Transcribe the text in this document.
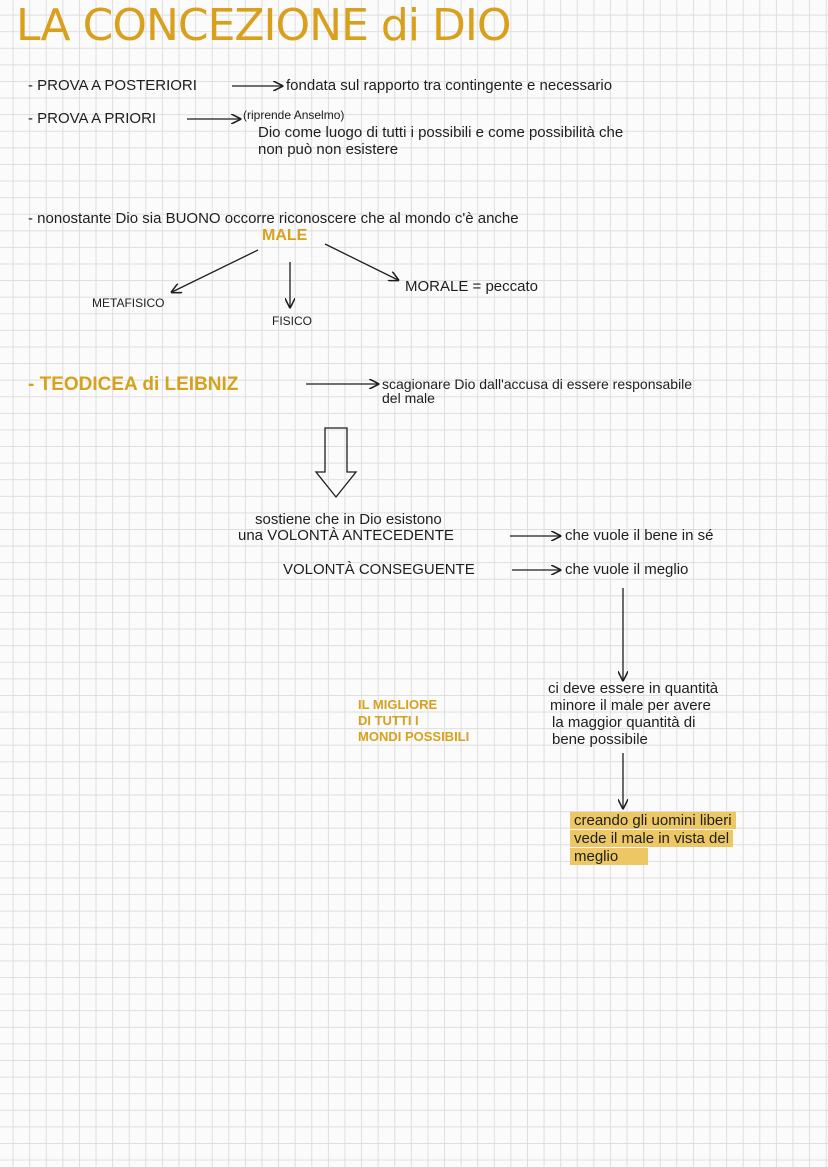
LA CONCEZIONE di DIO
- PROVA A POSTERIORI	fondata sul rapporto tra contingente e necessario
- PROVA A PRIORI	(riprende Anselmo)
Dio come luogo di tutti i possibili e come possibilità che
non può non esistere
- nonostante Dio sia BUONO occorre riconoscere che al mondo c'è anche
MALE
METAFISICO
FISICO
MORALE = peccato
- TEODICEA di LEIBNIZ	scagionare Dio dall'accusa di essere responsabile
del male
sostiene che in Dio esistono
una VOLONTÀ ANTECEDENTE	che vuole il bene in sé
VOLONTÀ CONSEGUENTE	che vuole il meglio
IL MIGLIORE
DI TUTTI I
MONDI POSSIBILI
ci deve essere in quantità
minore il male per avere
la maggior quantità di
bene possibile
creando gli uomini liberi
vede il male in vista del
meglio
